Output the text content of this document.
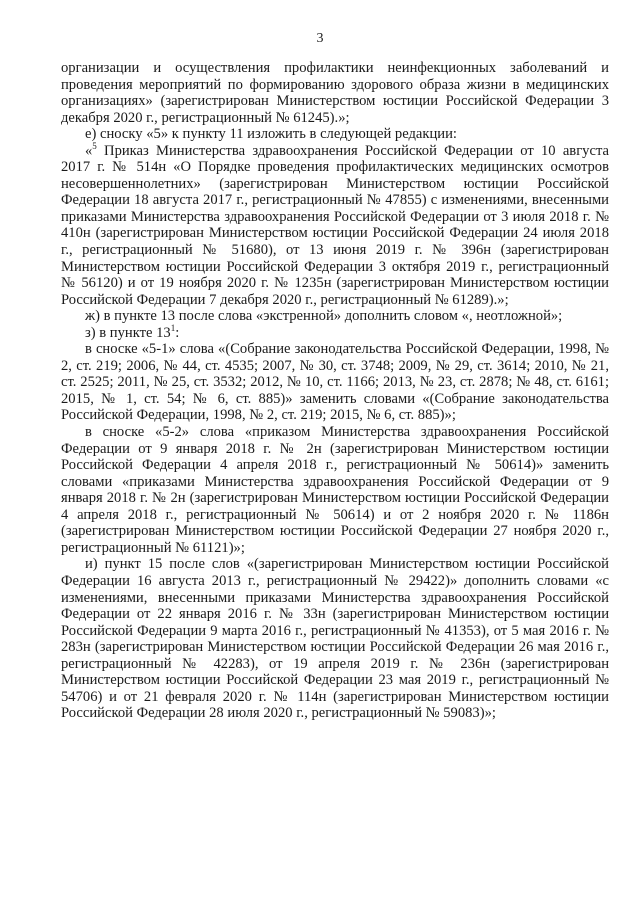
3

организации и осуществления профилактики неинфекционных заболеваний и проведения мероприятий по формированию здорового образа жизни в медицинских организациях» (зарегистрирован Министерством юстиции Российской Федерации 3 декабря 2020 г., регистрационный № 61245).»;

е) сноску «5» к пункту 11 изложить в следующей редакции:

«$^5$ Приказ Министерства здравоохранения Российской Федерации от 10 августа 2017 г. № 514н «О Порядке проведения профилактических медицинских осмотров несовершеннолетних» (зарегистрирован Министерством юстиции Российской Федерации 18 августа 2017 г., регистрационный № 47855) с изменениями, внесенными приказами Министерства здравоохранения Российской Федерации от 3 июля 2018 г. № 410н (зарегистрирован Министерством юстиции Российской Федерации 24 июля 2018 г., регистрационный № 51680), от 13 июня 2019 г. № 396н (зарегистрирован Министерством юстиции Российской Федерации 3 октября 2019 г., регистрационный № 56120) и от 19 ноября 2020 г. № 1235н (зарегистрирован Министерством юстиции Российской Федерации 7 декабря 2020 г., регистрационный № 61289).»;

ж) в пункте 13 после слова «экстренной» дополнить словом «, неотложной»;

з) в пункте $13^1$:

в сноске «5-1» слова «(Собрание законодательства Российской Федерации, 1998, № 2, ст. 219; 2006, № 44, ст. 4535; 2007, № 30, ст. 3748; 2009, № 29, ст. 3614; 2010, № 21, ст. 2525; 2011, № 25, ст. 3532; 2012, № 10, ст. 1166; 2013, № 23, ст. 2878; № 48, ст. 6161; 2015, № 1, ст. 54; № 6, ст. 885)» заменить словами «(Собрание законодательства Российской Федерации, 1998, № 2, ст. 219; 2015, № 6, ст. 885)»;

в сноске «5-2» слова «приказом Министерства здравоохранения Российской Федерации от 9 января 2018 г. № 2н (зарегистрирован Министерством юстиции Российской Федерации 4 апреля 2018 г., регистрационный № 50614)» заменить словами «приказами Министерства здравоохранения Российской Федерации от 9 января 2018 г. № 2н (зарегистрирован Министерством юстиции Российской Федерации 4 апреля 2018 г., регистрационный № 50614) и от 2 ноября 2020 г. № 1186н (зарегистрирован Министерством юстиции Российской Федерации 27 ноября 2020 г., регистрационный № 61121)»;

и) пункт 15 после слов «(зарегистрирован Министерством юстиции Российской Федерации 16 августа 2013 г., регистрационный № 29422)» дополнить словами «с изменениями, внесенными приказами Министерства здравоохранения Российской Федерации от 22 января 2016 г. № 33н (зарегистрирован Министерством юстиции Российской Федерации 9 марта 2016 г., регистрационный № 41353), от 5 мая 2016 г. № 283н (зарегистрирован Министерством юстиции Российской Федерации 26 мая 2016 г., регистрационный № 42283), от 19 апреля 2019 г. № 236н (зарегистрирован Министерством юстиции Российской Федерации 23 мая 2019 г., регистрационный № 54706) и от 21 февраля 2020 г. № 114н (зарегистрирован Министерством юстиции Российской Федерации 28 июля 2020 г., регистрационный № 59083)»;
